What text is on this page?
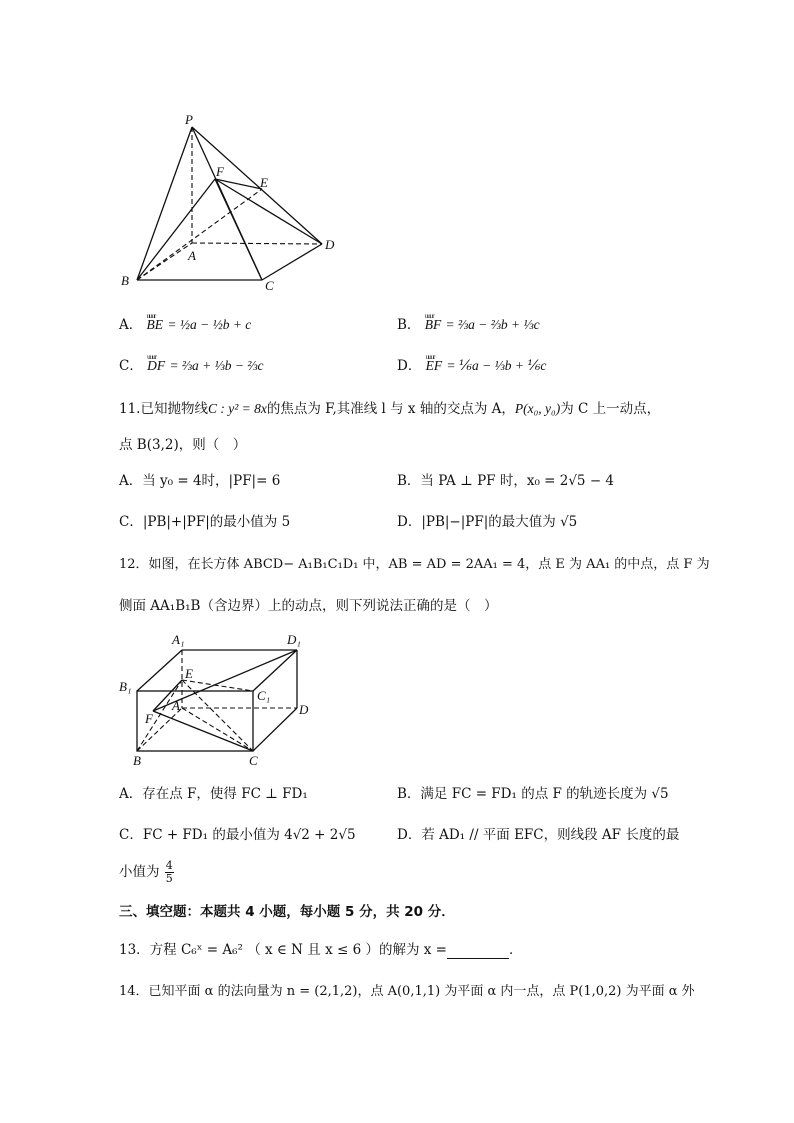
P
F
E
A
D
B	C
A． uuur BE = ½a − ½b + c	B． uuur BF = ⅔a − ⅔b + ⅓c
C． uuur DF = ⅔a + ⅓b − ⅔c	D． uuur EF = ⅙a − ⅓b + ⅙c
11.已知抛物线C : y² = 8x的焦点为 F,其准线 l 与 x 轴的交点为 A，P(x₀, y₀)为 C 上一动点，
点 B(3,2)，则（　）
A．当 y₀ = 4时，|PF|= 6	B．当 PA ⊥ PF 时，x₀ = 2√5 − 4
C．|PB|+|PF|的最小值为 5	D．|PB|−|PF|的最大值为 √5
12．如图，在长方体 ABCD− A₁B₁C₁D₁ 中，AB = AD = 2AA₁ = 4，点 E 为 AA₁ 的中点，点 F 为
侧面 AA₁B₁B（含边界）上的动点，则下列说法正确的是（　）
A₁	D₁
B₁
C₁
E
F
A	D
B	C
A．存在点 F，使得 FC ⊥ FD₁	B．满足 FC = FD₁ 的点 F 的轨迹长度为 √5
C．FC + FD₁ 的最小值为 4√2 + 2√5	D．若 AD₁ // 平面 EFC，则线段 AF 长度的最
小值为 $\frac{4}{5}$
三、填空题：本题共 4 小题，每小题 5 分，共 20 分．
13．方程 C₆ˣ = A₆² （ x ∈ N 且 x ≤ 6 ）的解为 x =	．
14．已知平面 α 的法向量为 n = (2,1,2)，点 A(0,1,1) 为平面 α 内一点，点 P(1,0,2) 为平面 α 外
